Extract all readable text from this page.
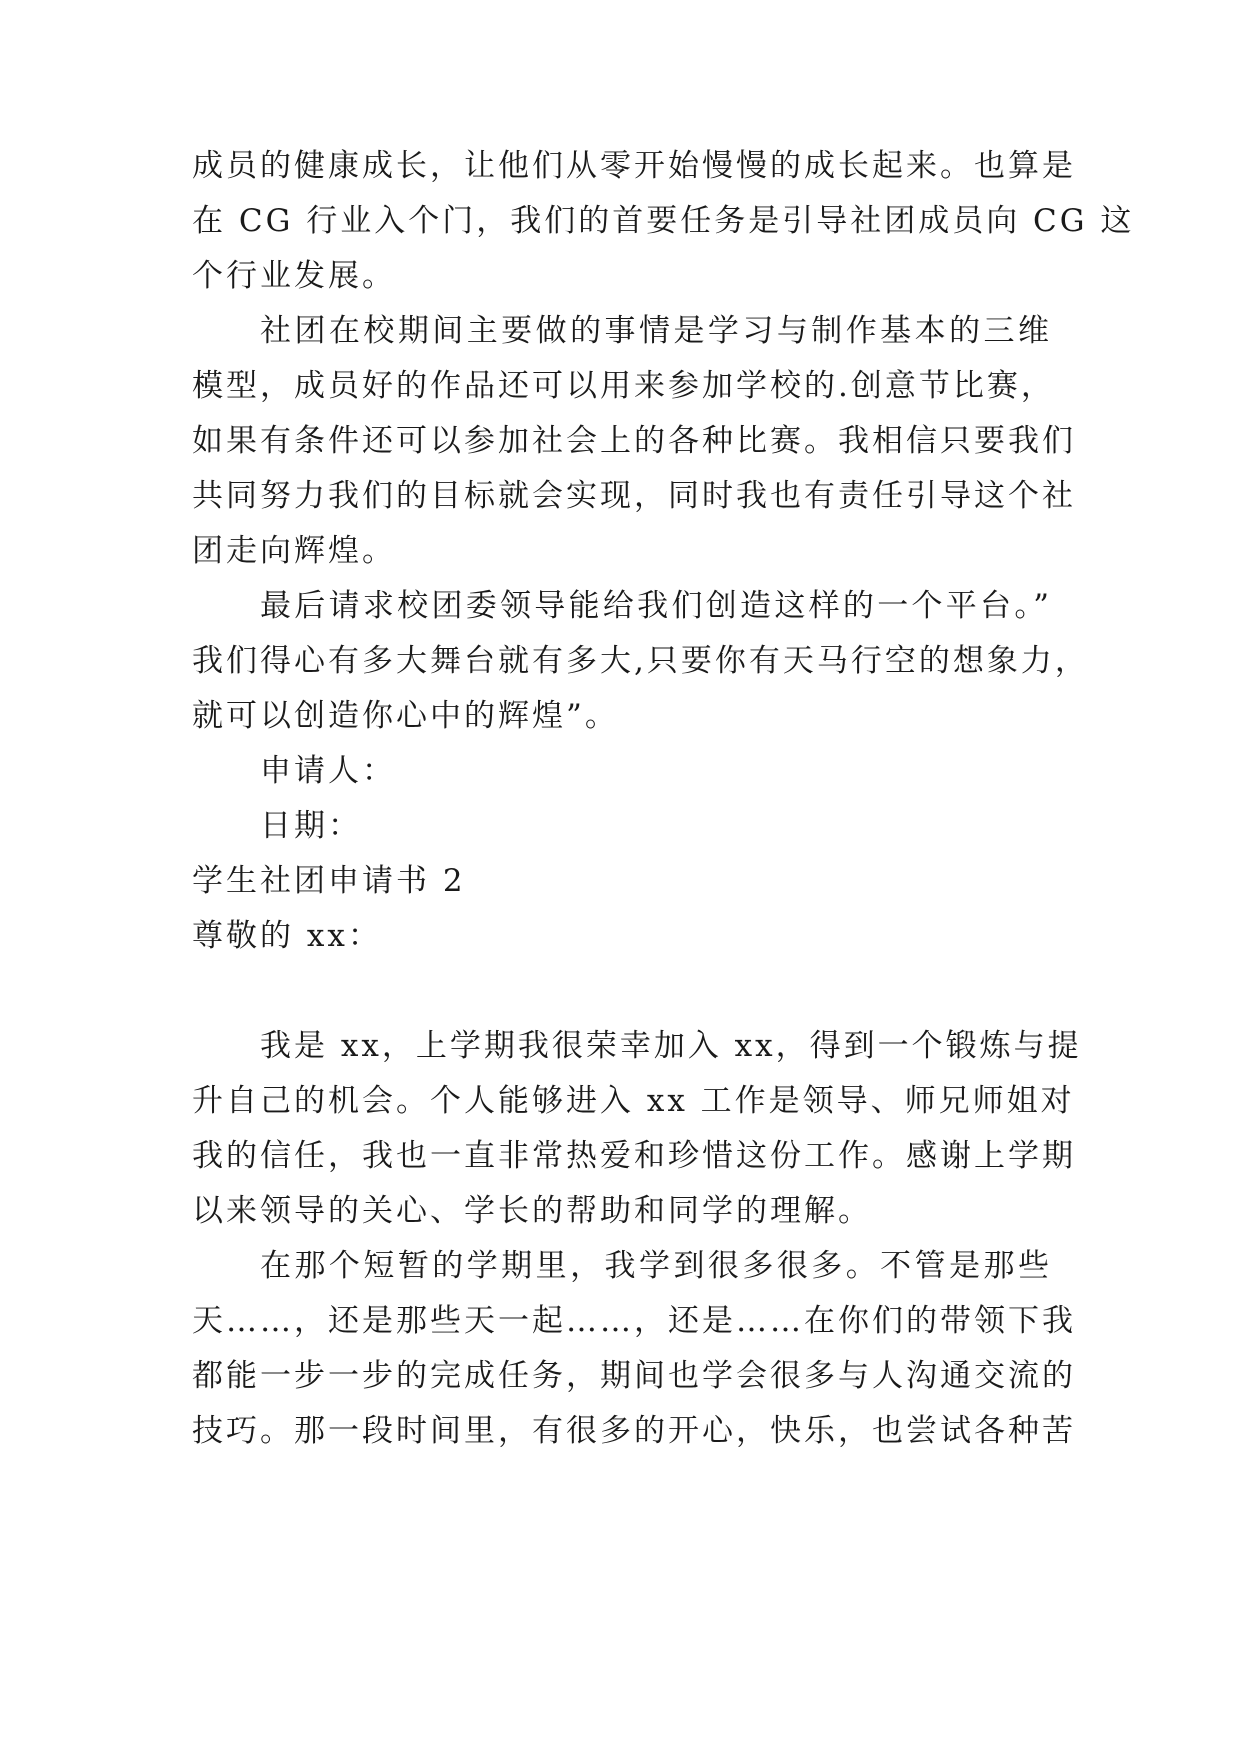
成员的健康成长，让他们从零开始慢慢的成长起来。也算是
在 CG 行业入个门，我们的首要任务是引导社团成员向 CG 这
个行业发展。
社团在校期间主要做的事情是学习与制作基本的三维
模型，成员好的作品还可以用来参加学校的.创意节比赛，
如果有条件还可以参加社会上的各种比赛。我相信只要我们
共同努力我们的目标就会实现，同时我也有责任引导这个社
团走向辉煌。
最后请求校团委领导能给我们创造这样的一个平台。”
我们得心有多大舞台就有多大,只要你有天马行空的想象力，
就可以创造你心中的辉煌”。
申请人：
日期：
学生社团申请书 2
尊敬的 xx：
我是 xx，上学期我很荣幸加入 xx，得到一个锻炼与提
升自己的机会。个人能够进入 xx 工作是领导、师兄师姐对
我的信任，我也一直非常热爱和珍惜这份工作。感谢上学期
以来领导的关心、学长的帮助和同学的理解。
在那个短暂的学期里，我学到很多很多。不管是那些
天……，还是那些天一起……，还是……在你们的带领下我
都能一步一步的完成任务，期间也学会很多与人沟通交流的
技巧。那一段时间里，有很多的开心，快乐，也尝试各种苦
